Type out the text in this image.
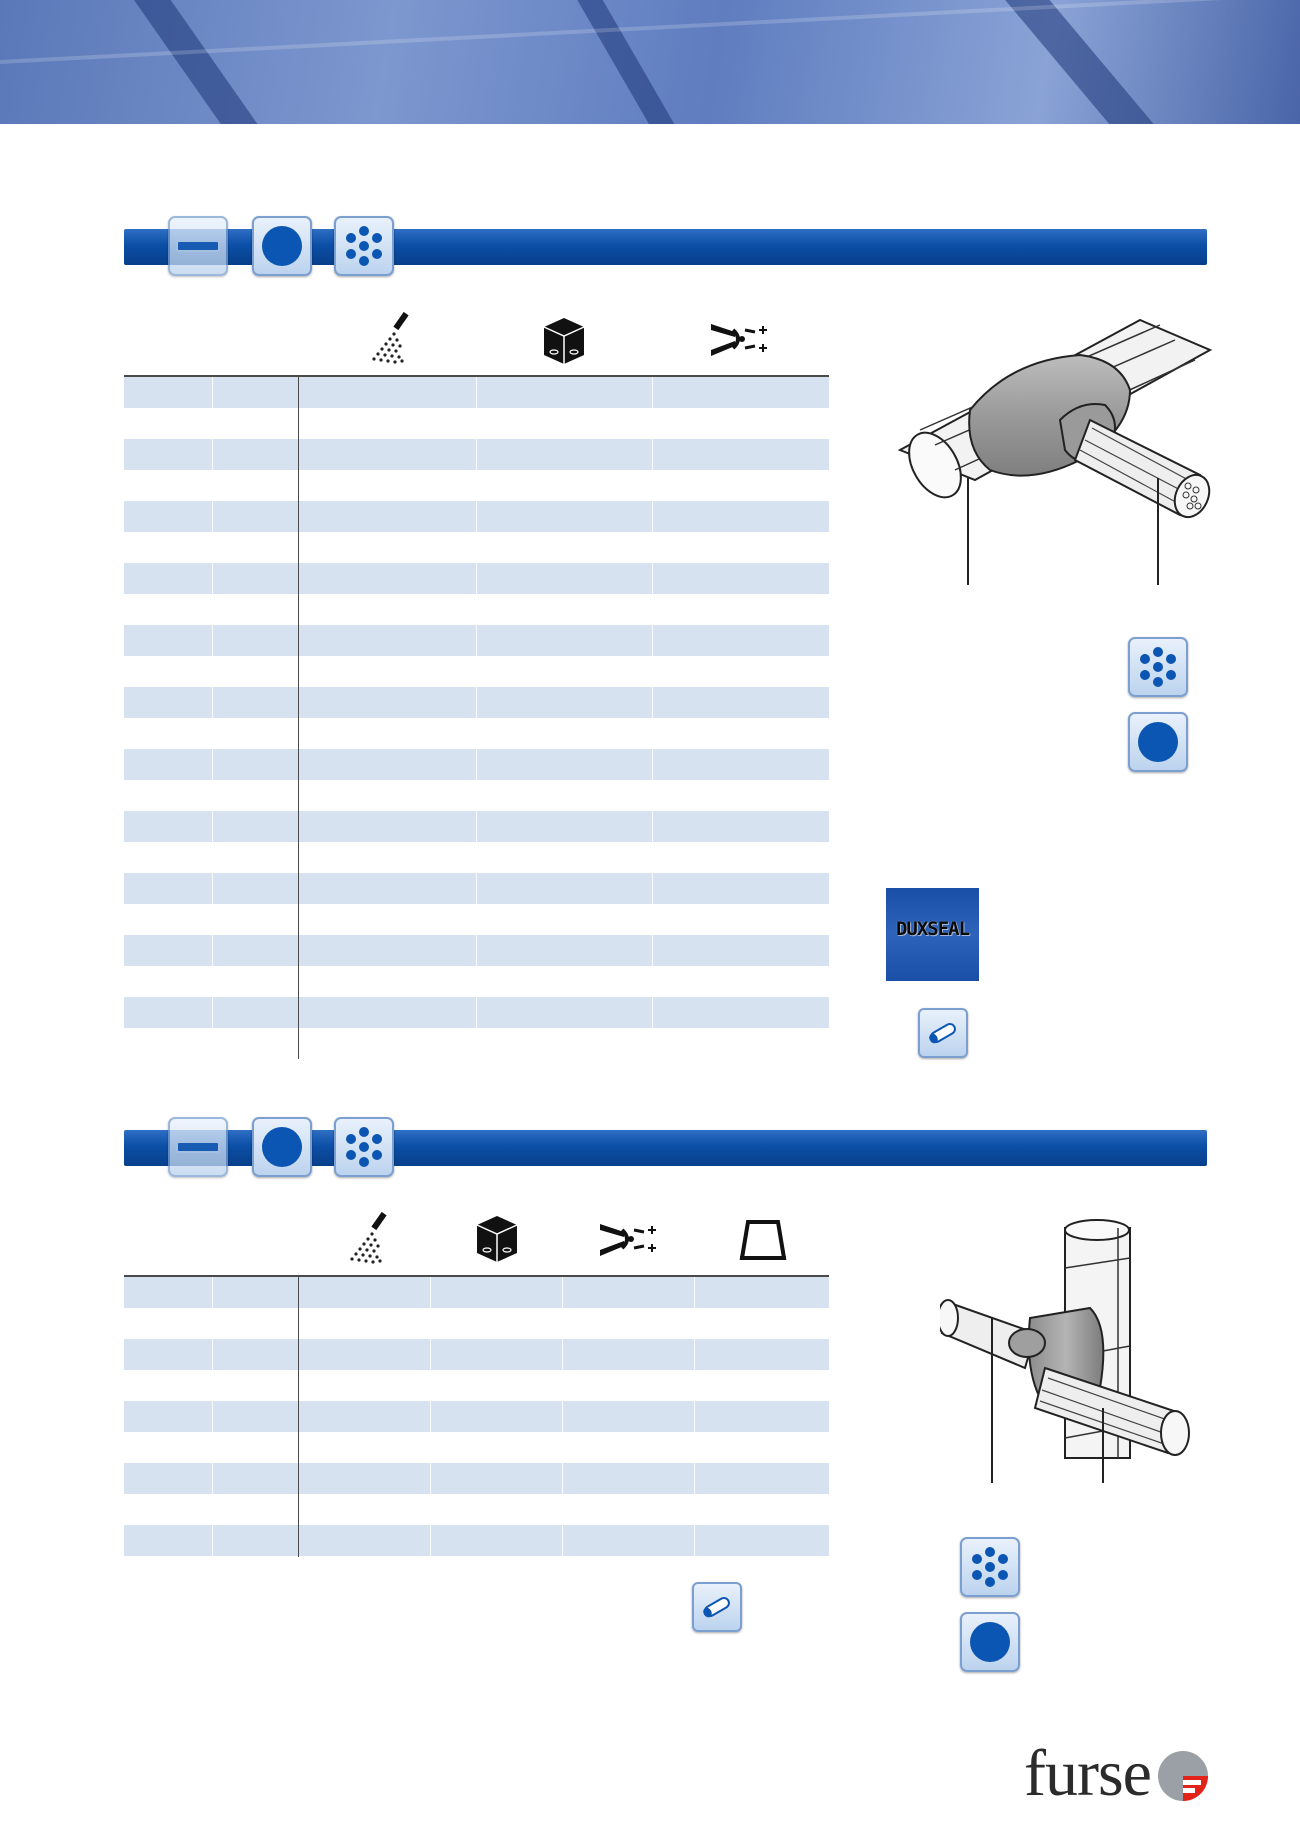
DUXSEAL
furse
